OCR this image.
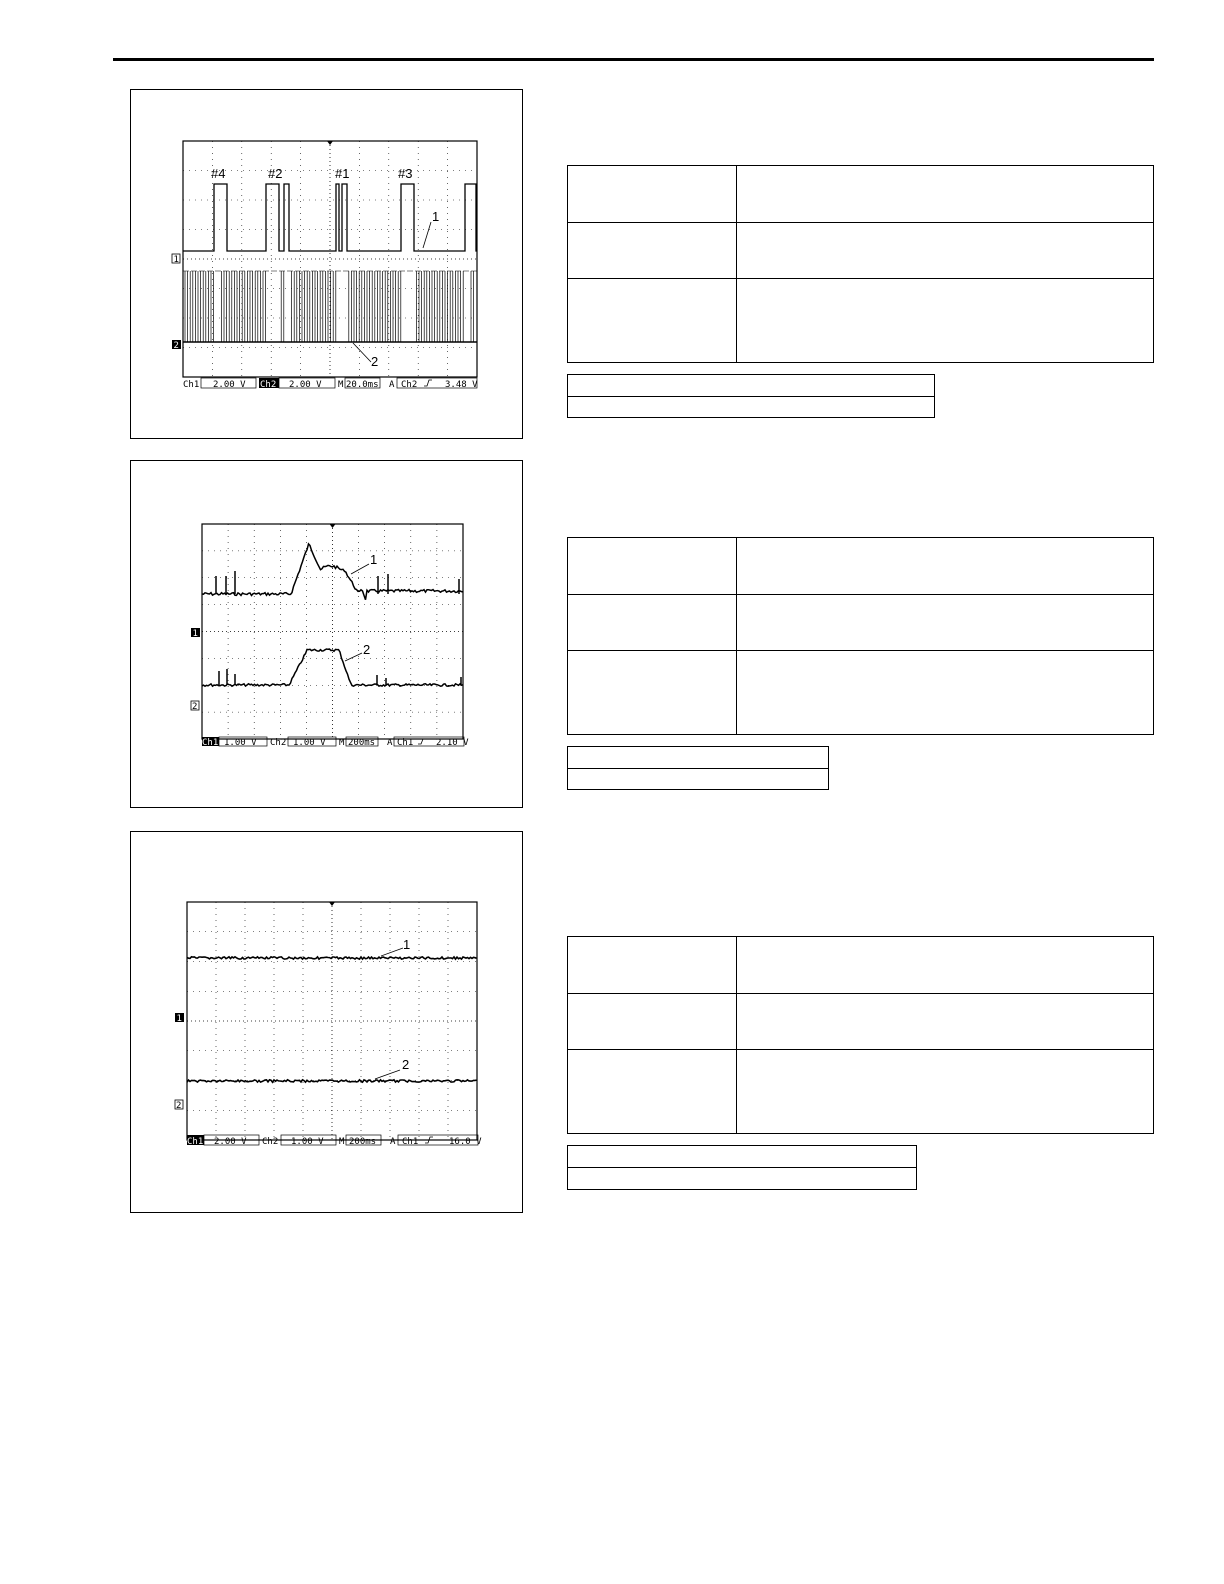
#4	#2	#1	#3
1
2
1
2
Ch1 2.00 V Ch2 2.00 V M 20.0ms A Ch2	3.48 V
1
2
1
2
Ch1 1.00 V Ch2 1.00 V M 200ms A Ch1	2.10 V
1
2
1
2
Ch1 2.00 V Ch2 1.00 V M 200ms A Ch1	16.0 V
